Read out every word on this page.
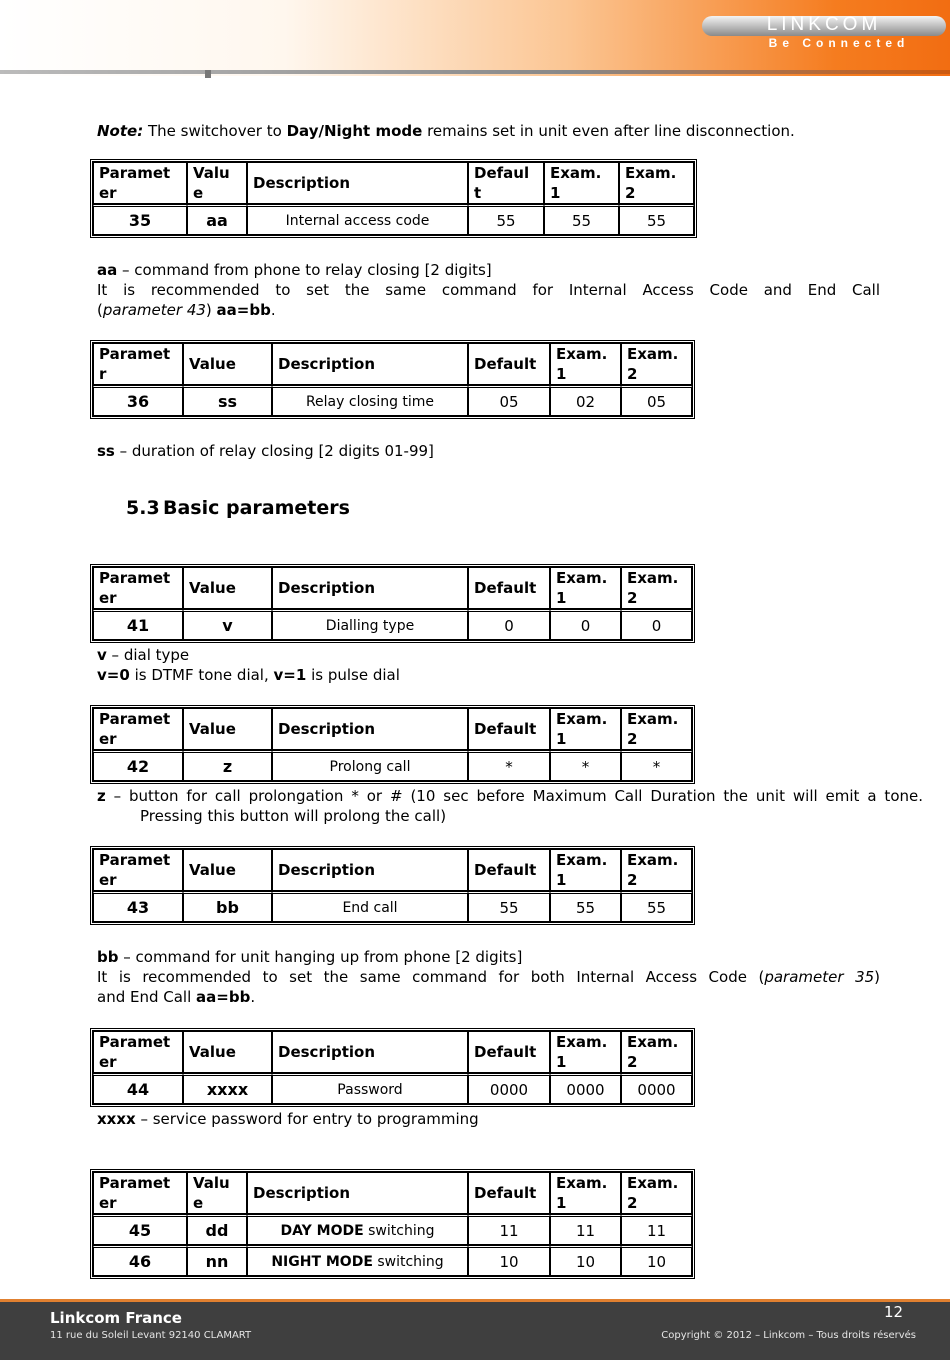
LINKCOM
Be Connected
Note: The switchover to Day/Night mode remains set in unit even after line disconnection.
Paramet er	Valu e	Description	Defaul t	Exam. 1	Exam. 2
35	aa	Internal access code	55	55	55
aa – command from phone to relay closing [2 digits]
It is recommended to set the same command for Internal Access Code and End Call
(parameter 43) aa=bb.
Paramet r	Value	Description	Default	Exam. 1	Exam. 2
36	ss	Relay closing time	05	02	05
ss – duration of relay closing [2 digits 01-99]
5.3 Basic parameters
Paramet er	Value	Description	Default	Exam. 1	Exam. 2
41	v	Dialling type	0	0	0
v – dial type
v=0 is DTMF tone dial, v=1 is pulse dial
Paramet er	Value	Description	Default	Exam. 1	Exam. 2
42	z	Prolong call	*	*	*
z – button for call prolongation * or # (10 sec before Maximum Call Duration the unit will emit a tone. Pressing this button will prolong the call)
Paramet er	Value	Description	Default	Exam. 1	Exam. 2
43	bb	End call	55	55	55
bb – command for unit hanging up from phone [2 digits]
It is recommended to set the same command for both Internal Access Code (parameter 35)
and End Call aa=bb.
Paramet er	Value	Description	Default	Exam. 1	Exam. 2
44	xxxx	Password	0000	0000	0000
xxxx – service password for entry to programming
Paramet er	Valu e	Description	Default	Exam. 1	Exam. 2
45	dd	DAY MODE switching	11	11	11
46	nn	NIGHT MODE switching	10	10	10
Linkcom France
11 rue du Soleil Levant 92140 CLAMART
12
Copyright © 2012 – Linkcom – Tous droits réservés
